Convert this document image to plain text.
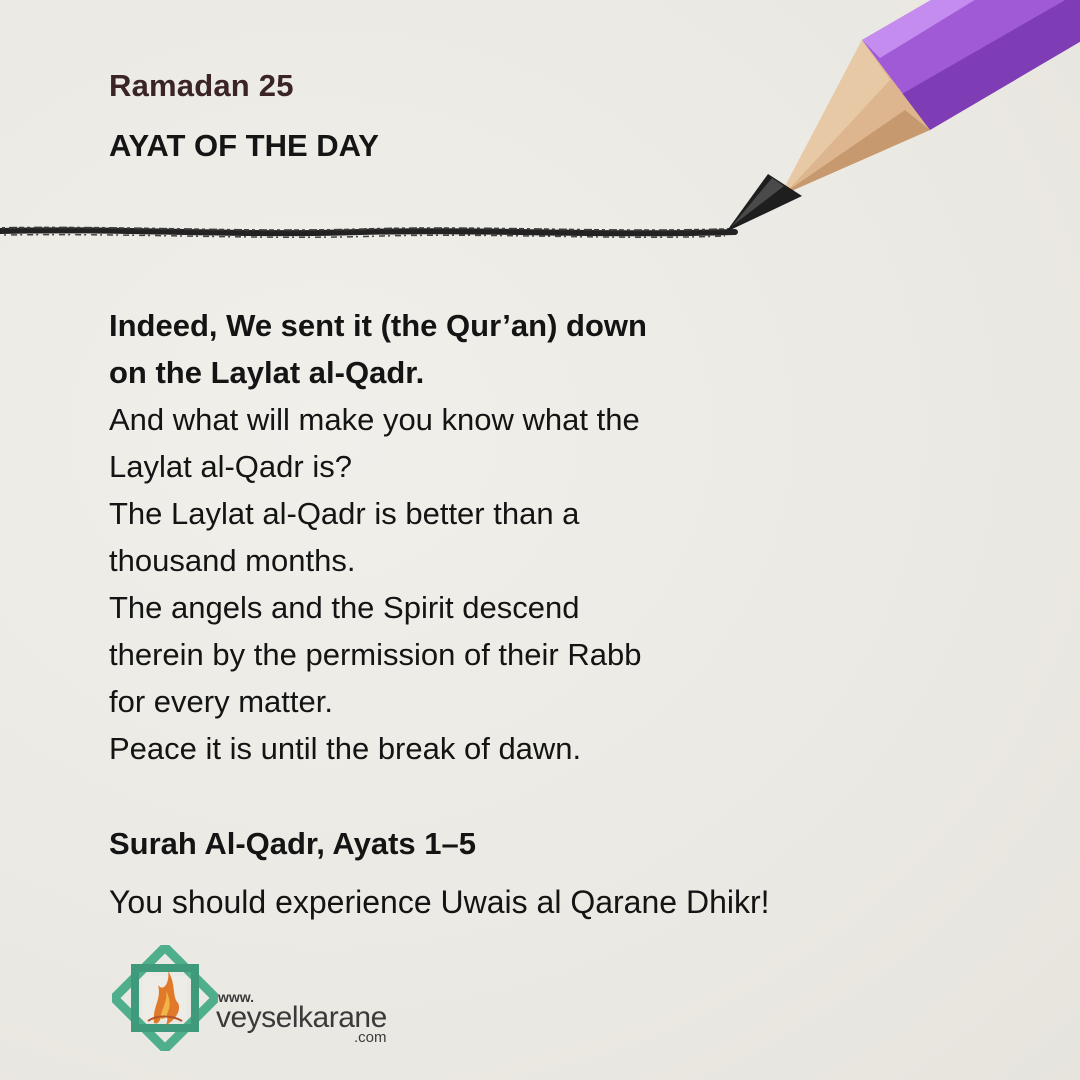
Ramadan 25
AYAT OF THE DAY
Indeed, We sent it (the Qur’an) down
on the Laylat al-Qadr.
And what will make you know what the
Laylat al-Qadr is?
The Laylat al-Qadr is better than a
thousand months.
The angels and the Spirit descend
therein by the permission of their Rabb
for every matter.
Peace it is until the break of dawn.
Surah Al-Qadr, Ayats 1–5
You should experience Uwais al Qarane Dhikr!
www.
veyselkarane
.com
